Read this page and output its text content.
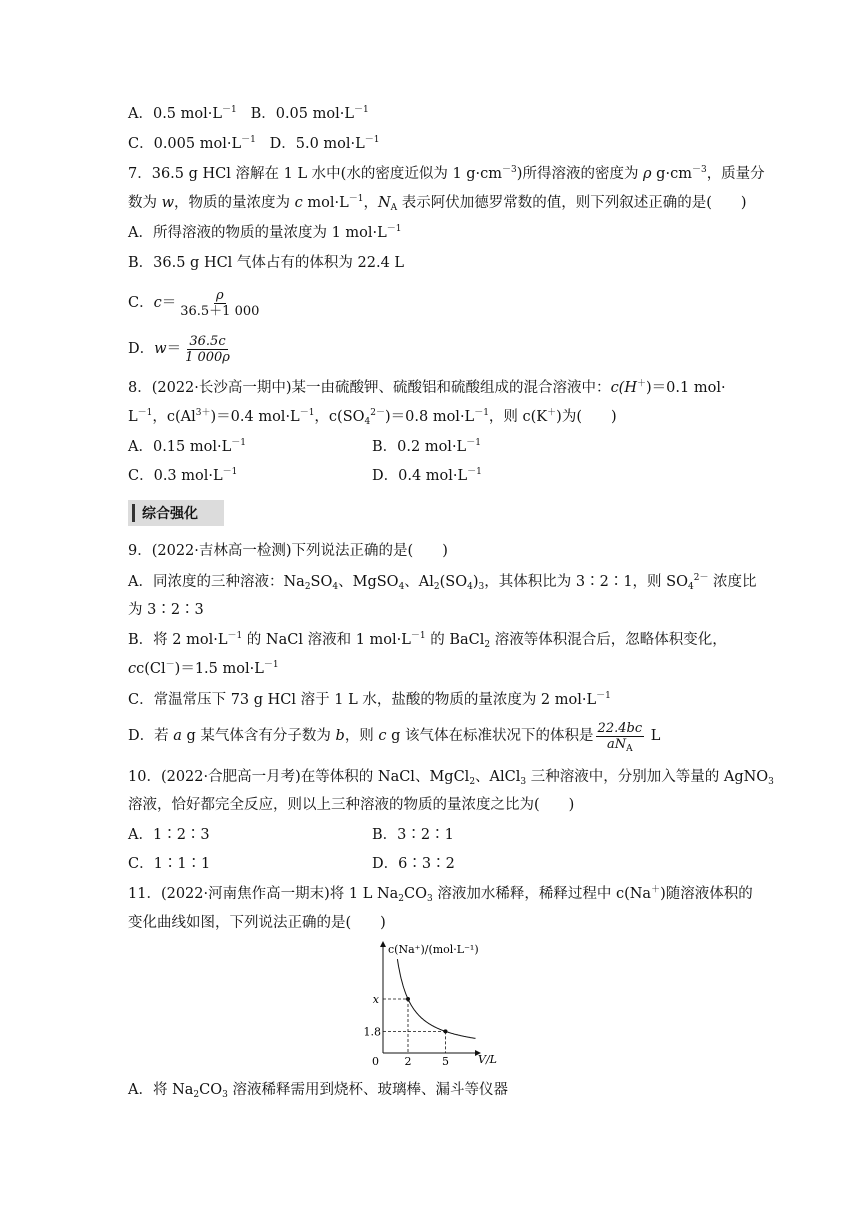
A．0.5 $mol\cdot L^{-1}$ B．0.05 $mol\cdot L^{-1}$
C．0.005 $mol\cdot L^{-1}$ D．5.0 $mol\cdot L^{-1}$
7．36.5 g HCl 溶解在 1 L 水中(水的密度近似为 1 $g\cdot cm^{-3}$)所得溶液的密度为 ρ $g\cdot cm^{-3}$，质量分
数为 w，物质的量浓度为 c $mol\cdot L^{-1}$，$N_A$ 表示阿伏加德罗常数的值，则下列叙述正确的是(　　)
A．所得溶液的物质的量浓度为 1 $mol\cdot L^{-1}$
B．36.5 g HCl 气体占有的体积为 22.4 L
C．$c= \frac{\rho}{36.5+1 000}$
D．$w= \frac{36.5c}{1 000\rho}$
8．(2022·长沙高一期中)某一由硫酸钾、硫酸铝和硫酸组成的混合溶液中：c(H＋)＝0.1 mol·
$L^{-1}$，$c(Al^{3+})=0.4$ $mol\cdot L^{-1}$，$c(SO_4^{2-})=0.8$ $mol\cdot L^{-1}$，则 c(K＋)为(　　)
A．0.15 $mol\cdot L^{-1}$	B．0.2 $mol\cdot L^{-1}$
C．0.3 $mol\cdot L^{-1}$	D．0.4 $mol\cdot L^{-1}$
综合强化
9．(2022·吉林高一检测)下列说法正确的是(　　)
A．同浓度的三种溶液：$Na_2SO_4$、MgSO$_4$、$Al_2(SO_4)_3$，其体积比为 3∶2∶1，则 $SO_4^{2-}$ 浓度比
为 3∶2∶3
B．将 2 $mol\cdot L^{-1}$ 的 NaCl 溶液和 1 $mol\cdot L^{-1}$ 的 BaCl$_2$ 溶液等体积混合后，忽略体积变化，
cc(Cl－)＝1.5 $mol\cdot L^{-1}$
C．常温常压下 73 g HCl 溶于 1 L 水，盐酸的物质的量浓度为 2 $mol\cdot L^{-1}$
D．若 a g 某气体含有分子数为 b，则 c g 该气体在标准状况下的体积是 $\frac{22.4bc}{aN_A}$ L
10．(2022·合肥高一月考)在等体积的 NaCl、MgCl$_2$、AlCl$_3$ 三种溶液中，分别加入等量的 AgNO$_3$
溶液，恰好都完全反应，则以上三种溶液的物质的量浓度之比为(　　)
A．1∶2∶3	B．3∶2∶1
C．1∶1∶1	D．6∶3∶2
11．(2022·河南焦作高一期末)将 1 L $Na_2CO_3$ 溶液加水稀释，稀释过程中 c(Na＋)随溶液体积的
变化曲线如图，下列说法正确的是(　　)
c(Na⁺)/(mol·L⁻¹)
V/L
0 2	5
x
1.8
A．将 $Na_2CO_3$ 溶液稀释需用到烧杯、玻璃棒、漏斗等仪器
